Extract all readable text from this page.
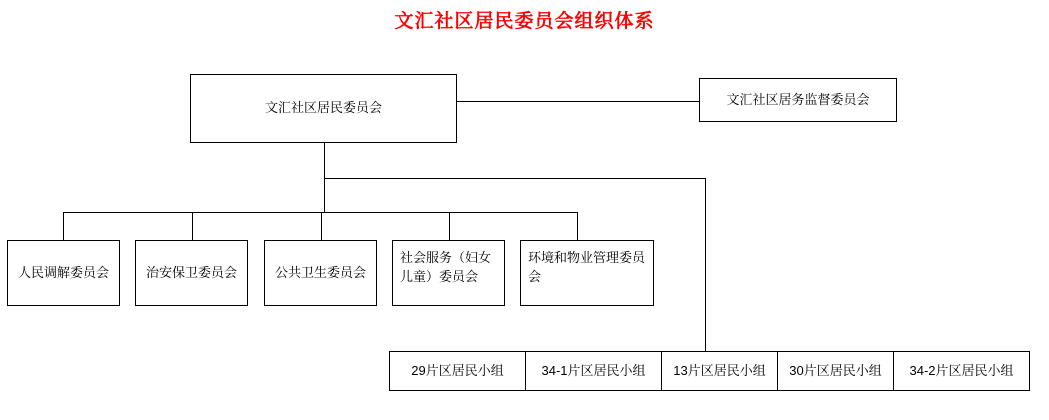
文汇社区居民委员会组织体系
文汇社区居民委员会
文汇社区居务监督委员会
人民调解委员会	治安保卫委员会	公共卫生委员会
社会服务（妇女儿童）委员会
环境和物业管理委员会
29片区居民小组	34-1片区居民小组 13片区居民小组 30片区居民小组 34-2片区居民小组
